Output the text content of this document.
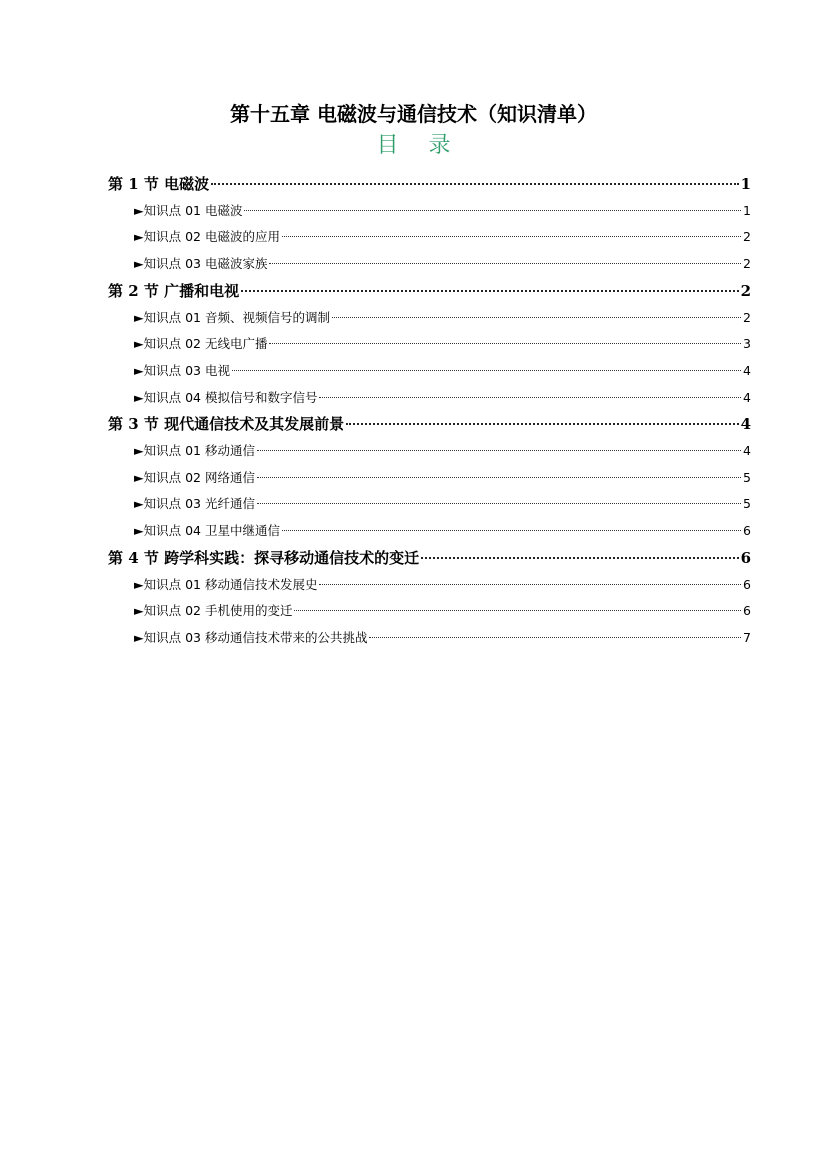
第十五章 电磁波与通信技术（知识清单）
目录
第 1 节 电磁波	1
►知识点 01 电磁波	1
►知识点 02 电磁波的应用	2
►知识点 03 电磁波家族	2
第 2 节 广播和电视	2
►知识点 01 音频、视频信号的调制	2
►知识点 02 无线电广播	3
►知识点 03 电视	4
►知识点 04 模拟信号和数字信号	4
第 3 节 现代通信技术及其发展前景	4
►知识点 01 移动通信	4
►知识点 02 网络通信	5
►知识点 03 光纤通信	5
►知识点 04 卫星中继通信	6
第 4 节 跨学科实践：探寻移动通信技术的变迁	6
►知识点 01 移动通信技术发展史	6
►知识点 02 手机使用的变迁	6
►知识点 03 移动通信技术带来的公共挑战	7
